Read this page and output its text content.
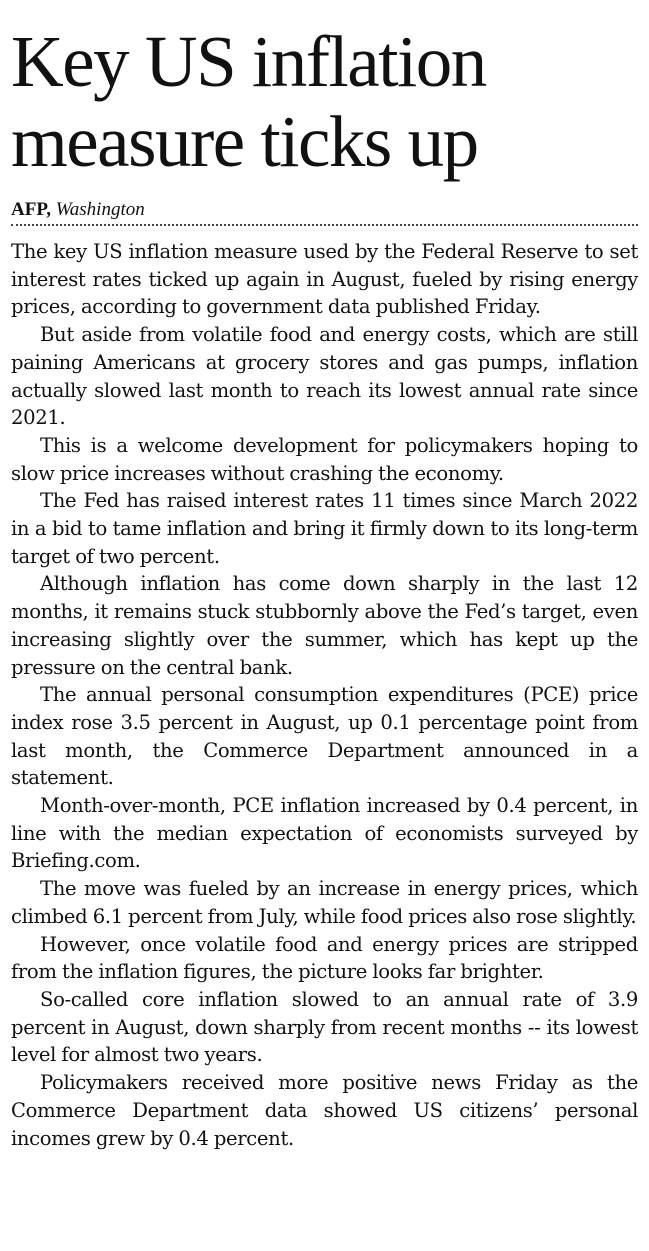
Key US inflation
measure ticks up
AFP, Washington

The key US inflation measure used by the Federal Reserve to set interest rates ticked up again in August, fueled by rising energy prices, according to government data published Friday.

But aside from volatile food and energy costs, which are still paining Americans at grocery stores and gas pumps, inflation actually slowed last month to reach its lowest annual rate since 2021.

This is a welcome development for policymakers hoping to slow price increases without crashing the economy.

The Fed has raised interest rates 11 times since March 2022 in a bid to tame inflation and bring it firmly down to its long-term target of two percent.

Although inflation has come down sharply in the last 12 months, it remains stuck stubbornly above the Fed’s target, even increasing slightly over the summer, which has kept up the pressure on the central bank.

The annual personal consumption expenditures (PCE) price index rose 3.5 percent in August, up 0.1 percentage point from last month, the Commerce Department announced in a statement.

Month-over-month, PCE inflation increased by 0.4 percent, in line with the median expectation of economists surveyed by Briefing.com.

The move was fueled by an increase in energy prices, which climbed 6.1 percent from July, while food prices also rose slightly.

However, once volatile food and energy prices are stripped from the inflation figures, the picture looks far brighter.

So-called core inflation slowed to an annual rate of 3.9 percent in August, down sharply from recent months -- its lowest level for almost two years.

Policymakers received more positive news Friday as the Commerce Department data showed US citizens’ personal incomes grew by 0.4 percent.
